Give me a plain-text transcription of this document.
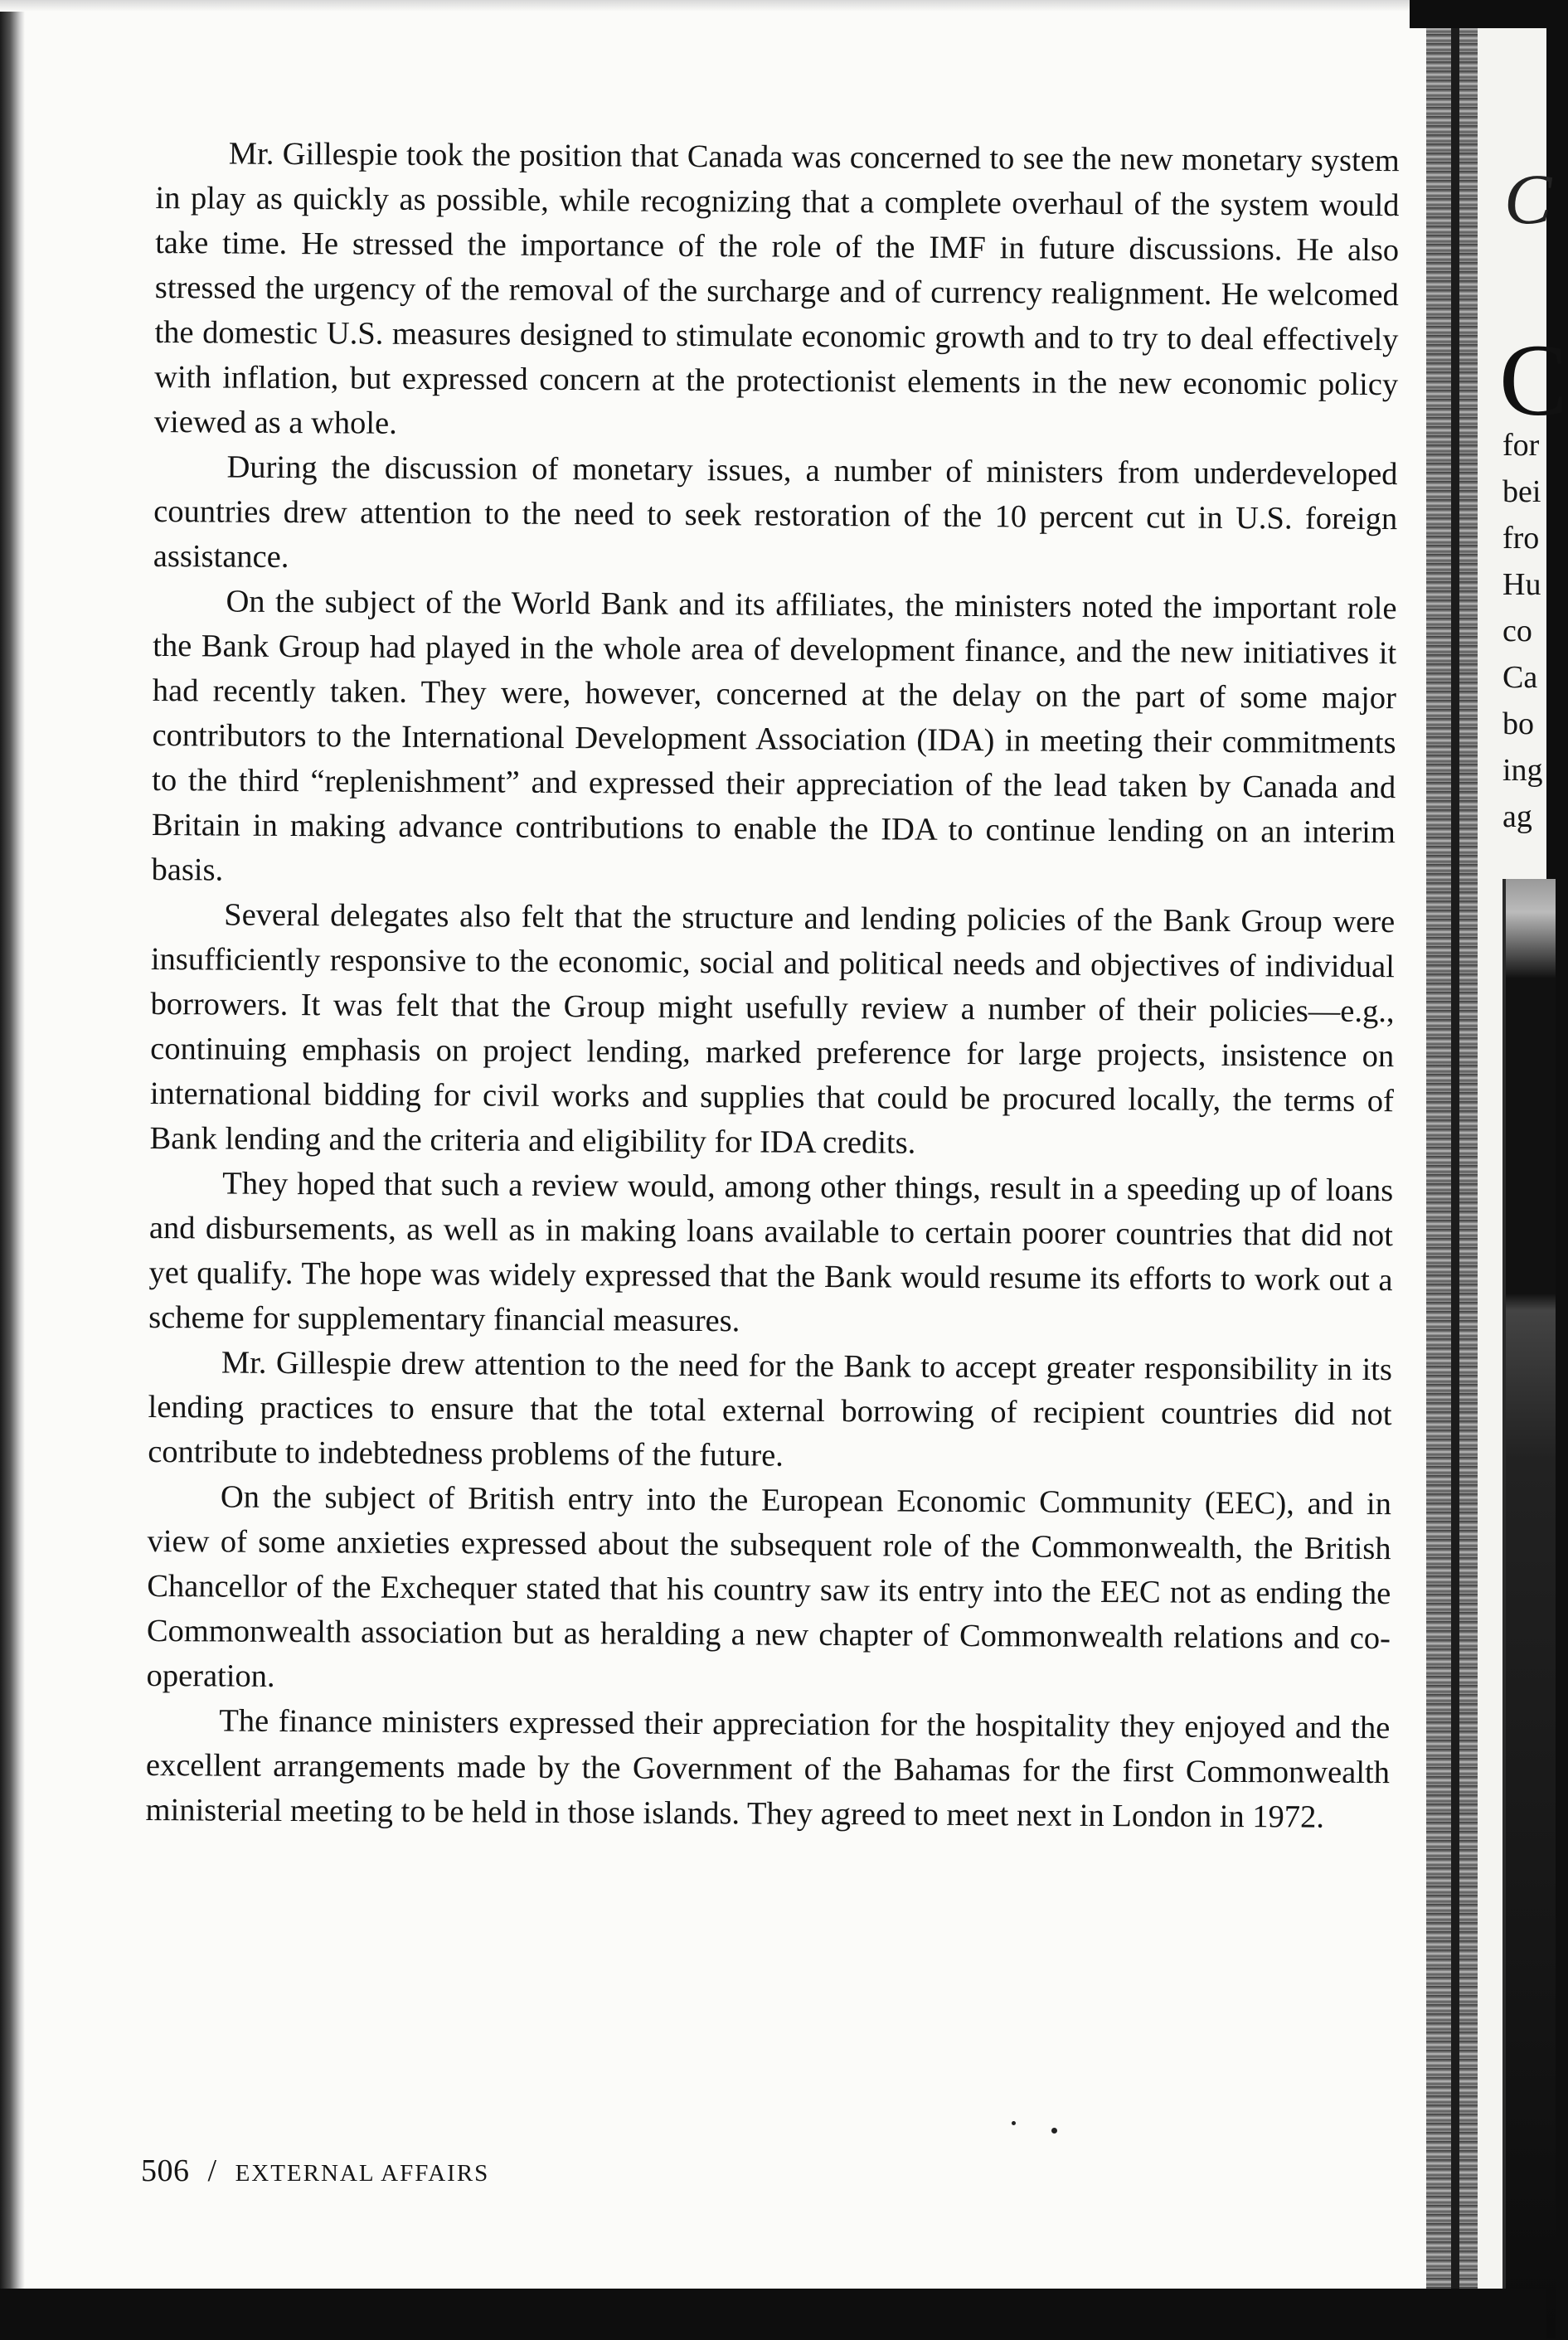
Mr. Gillespie took the position that Canada was concerned to see the new monetary system in play as quickly as possible, while recognizing that a complete overhaul of the system would take time. He stressed the importance of the role of the IMF in future discussions. He also stressed the urgency of the removal of the surcharge and of currency realignment. He welcomed the domestic U.S. measures designed to stimulate economic growth and to try to deal effectively with inflation, but expressed concern at the protectionist elements in the new economic policy viewed as a whole.

During the discussion of monetary issues, a number of ministers from underdeveloped countries drew attention to the need to seek restoration of the 10 percent cut in U.S. foreign assistance.

On the subject of the World Bank and its affiliates, the ministers noted the important role the Bank Group had played in the whole area of development finance, and the new initiatives it had recently taken. They were, however, concerned at the delay on the part of some major contributors to the International Development Association (IDA) in meeting their commitments to the third “replenishment” and expressed their appreciation of the lead taken by Canada and Britain in making advance contributions to enable the IDA to continue lending on an interim basis.

Several delegates also felt that the structure and lending policies of the Bank Group were insufficiently responsive to the economic, social and political needs and objectives of individual borrowers. It was felt that the Group might usefully review a number of their policies—e.g., continuing emphasis on project lending, marked preference for large projects, insistence on international bidding for civil works and supplies that could be procured locally, the terms of Bank lending and the criteria and eligibility for IDA credits.

They hoped that such a review would, among other things, result in a speeding up of loans and disbursements, as well as in making loans available to certain poorer countries that did not yet qualify. The hope was widely expressed that the Bank would resume its efforts to work out a scheme for supplementary financial measures.

Mr. Gillespie drew attention to the need for the Bank to accept greater responsibility in its lending practices to ensure that the total external borrowing of recipient countries did not contribute to indebtedness problems of the future.

On the subject of British entry into the European Economic Community (EEC), and in view of some anxieties expressed about the subsequent role of the Commonwealth, the British Chancellor of the Exchequer stated that his country saw its entry into the EEC not as ending the Commonwealth association but as heralding a new chapter of Commonwealth relations and co-operation.

The finance ministers expressed their appreciation for the hospitality they enjoyed and the excellent arrangements made by the Government of the Bahamas for the first Commonwealth ministerial meeting to be held in those islands. They agreed to meet next in London in 1972.

506 / EXTERNAL AFFAIRS
C
C
for
bei
fro
Hu
co
Ca
bo
ing
ag
